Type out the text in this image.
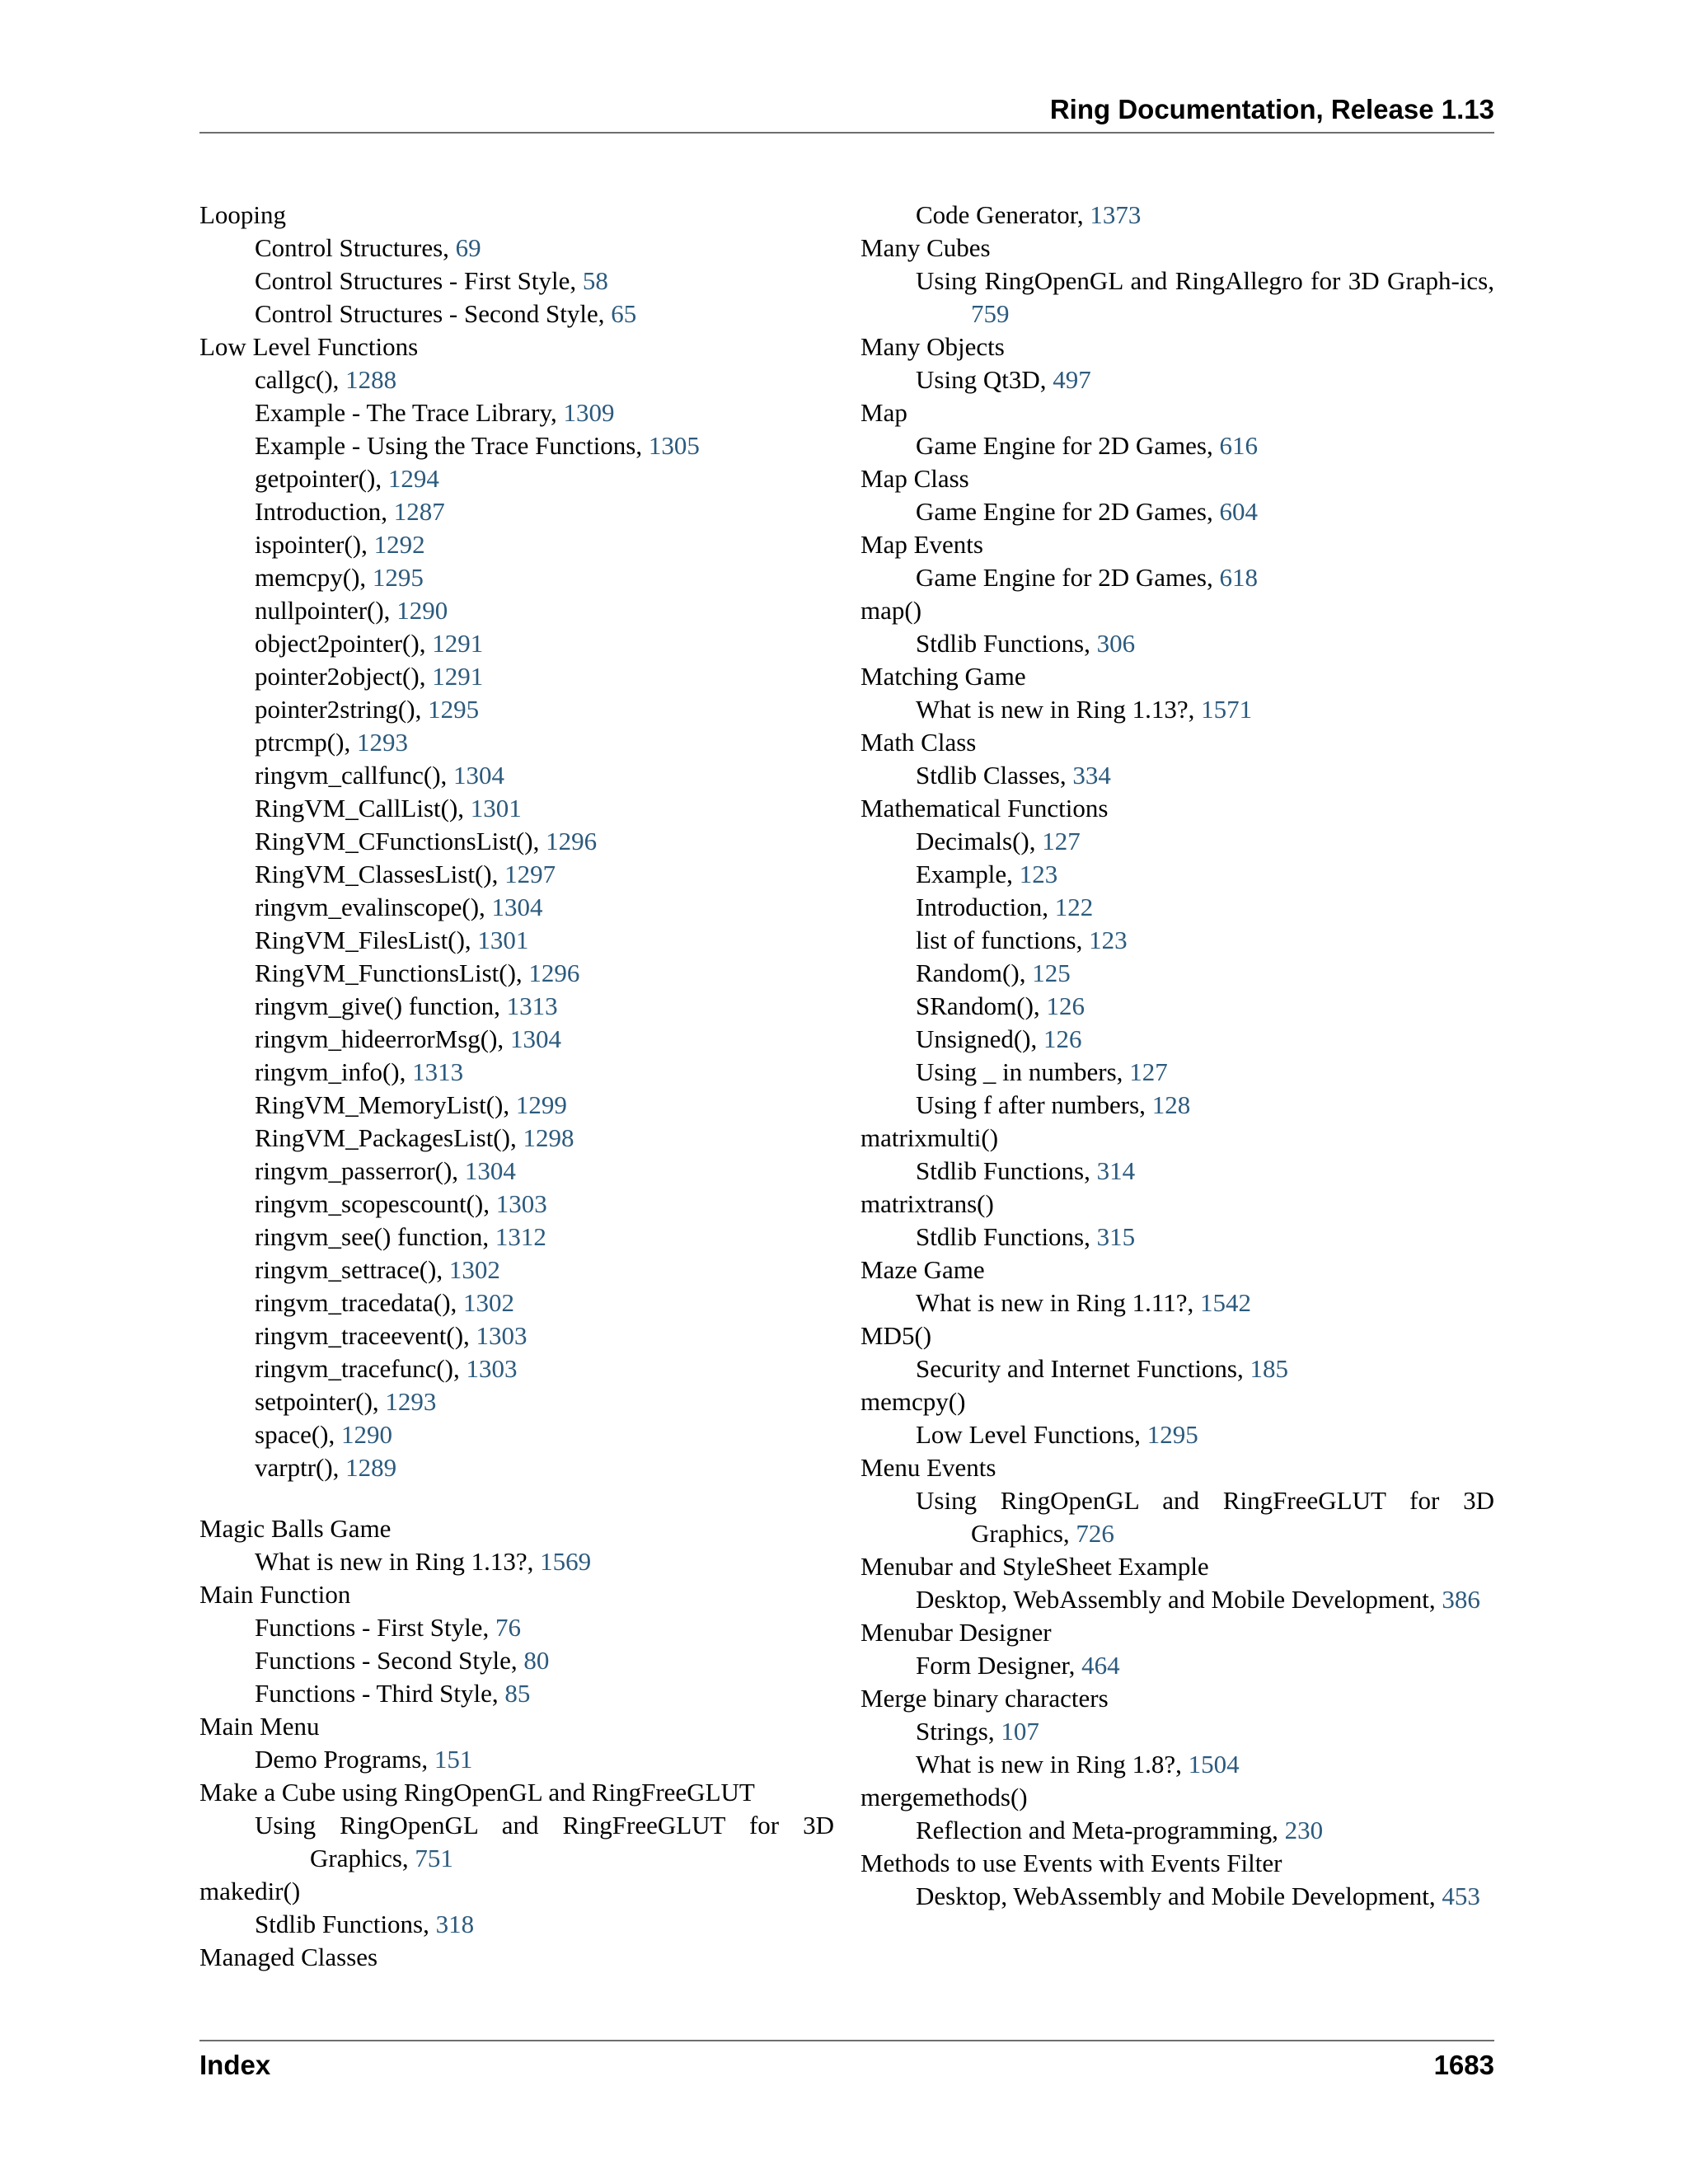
Ring Documentation, Release 1.13
Looping
Control Structures, 69
Control Structures - First Style, 58
Control Structures - Second Style, 65
Low Level Functions
callgc(), 1288
Example - The Trace Library, 1309
Example - Using the Trace Functions, 1305
getpointer(), 1294
Introduction, 1287
ispointer(), 1292
memcpy(), 1295
nullpointer(), 1290
object2pointer(), 1291
pointer2object(), 1291
pointer2string(), 1295
ptrcmp(), 1293
ringvm_callfunc(), 1304
RingVM_CallList(), 1301
RingVM_CFunctionsList(), 1296
RingVM_ClassesList(), 1297
ringvm_evalinscope(), 1304
RingVM_FilesList(), 1301
RingVM_FunctionsList(), 1296
ringvm_give() function, 1313
ringvm_hideerrorMsg(), 1304
ringvm_info(), 1313
RingVM_MemoryList(), 1299
RingVM_PackagesList(), 1298
ringvm_passerror(), 1304
ringvm_scopescount(), 1303
ringvm_see() function, 1312
ringvm_settrace(), 1302
ringvm_tracedata(), 1302
ringvm_traceevent(), 1303
ringvm_tracefunc(), 1303
setpointer(), 1293
space(), 1290
varptr(), 1289
Magic Balls Game
What is new in Ring 1.13?, 1569
Main Function
Functions - First Style, 76
Functions - Second Style, 80
Functions - Third Style, 85
Main Menu
Demo Programs, 151
Make a Cube using RingOpenGL and RingFreeGLUT
Using RingOpenGL and RingFreeGLUT for 3D Graphics, 751
makedir()
Stdlib Functions, 318
Managed Classes
Code Generator, 1373
Many Cubes
Using RingOpenGL and RingAllegro for 3D Graph-ics, 759
Many Objects
Using Qt3D, 497
Map
Game Engine for 2D Games, 616
Map Class
Game Engine for 2D Games, 604
Map Events
Game Engine for 2D Games, 618
map()
Stdlib Functions, 306
Matching Game
What is new in Ring 1.13?, 1571
Math Class
Stdlib Classes, 334
Mathematical Functions
Decimals(), 127
Example, 123
Introduction, 122
list of functions, 123
Random(), 125
SRandom(), 126
Unsigned(), 126
Using _ in numbers, 127
Using f after numbers, 128
matrixmulti()
Stdlib Functions, 314
matrixtrans()
Stdlib Functions, 315
Maze Game
What is new in Ring 1.11?, 1542
MD5()
Security and Internet Functions, 185
memcpy()
Low Level Functions, 1295
Menu Events
Using RingOpenGL and RingFreeGLUT for 3D Graphics, 726
Menubar and StyleSheet Example
Desktop, WebAssembly and Mobile Development, 386
Menubar Designer
Form Designer, 464
Merge binary characters
Strings, 107
What is new in Ring 1.8?, 1504
mergemethods()
Reflection and Meta-programming, 230
Methods to use Events with Events Filter
Desktop, WebAssembly and Mobile Development, 453
Index	1683
